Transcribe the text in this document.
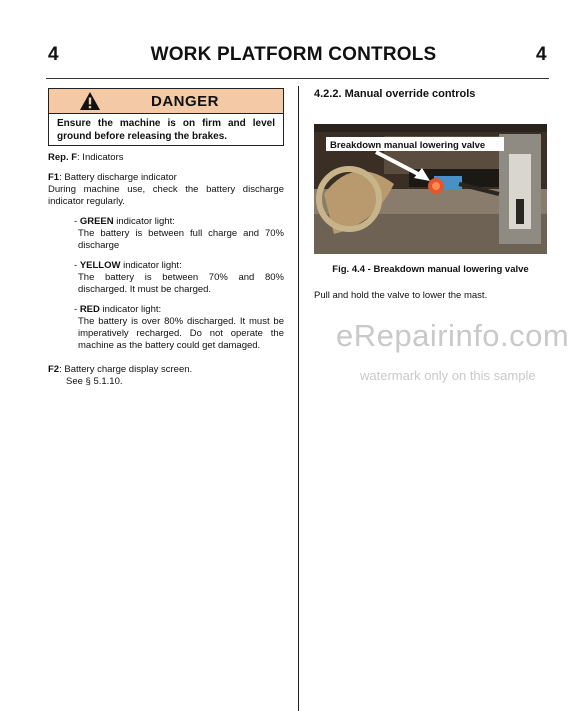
4	WORK PLATFORM CONTROLS	4
DANGER
Ensure the machine is on firm and level ground before releasing the brakes.

Rep. F: Indicators

F1: Battery discharge indicator
During machine use, check the battery discharge indicator regularly.

- GREEN indicator light:

The battery is between full charge and 70% discharge

- YELLOW indicator light:

The battery is between 70% and 80% discharged. It must be charged.

- RED indicator light:

The battery is over 80% discharged. It must be imperatively recharged. Do not operate the machine as the battery could get damaged.

F2: Battery charge display screen.

See § 5.1.10.

4.2.2. Manual override controls
Breakdown manual lowering valve
Fig. 4.4 - Breakdown manual lowering valve
Pull and hold the valve to lower the mast.
eRepairinfo.com
watermark only on this sample
